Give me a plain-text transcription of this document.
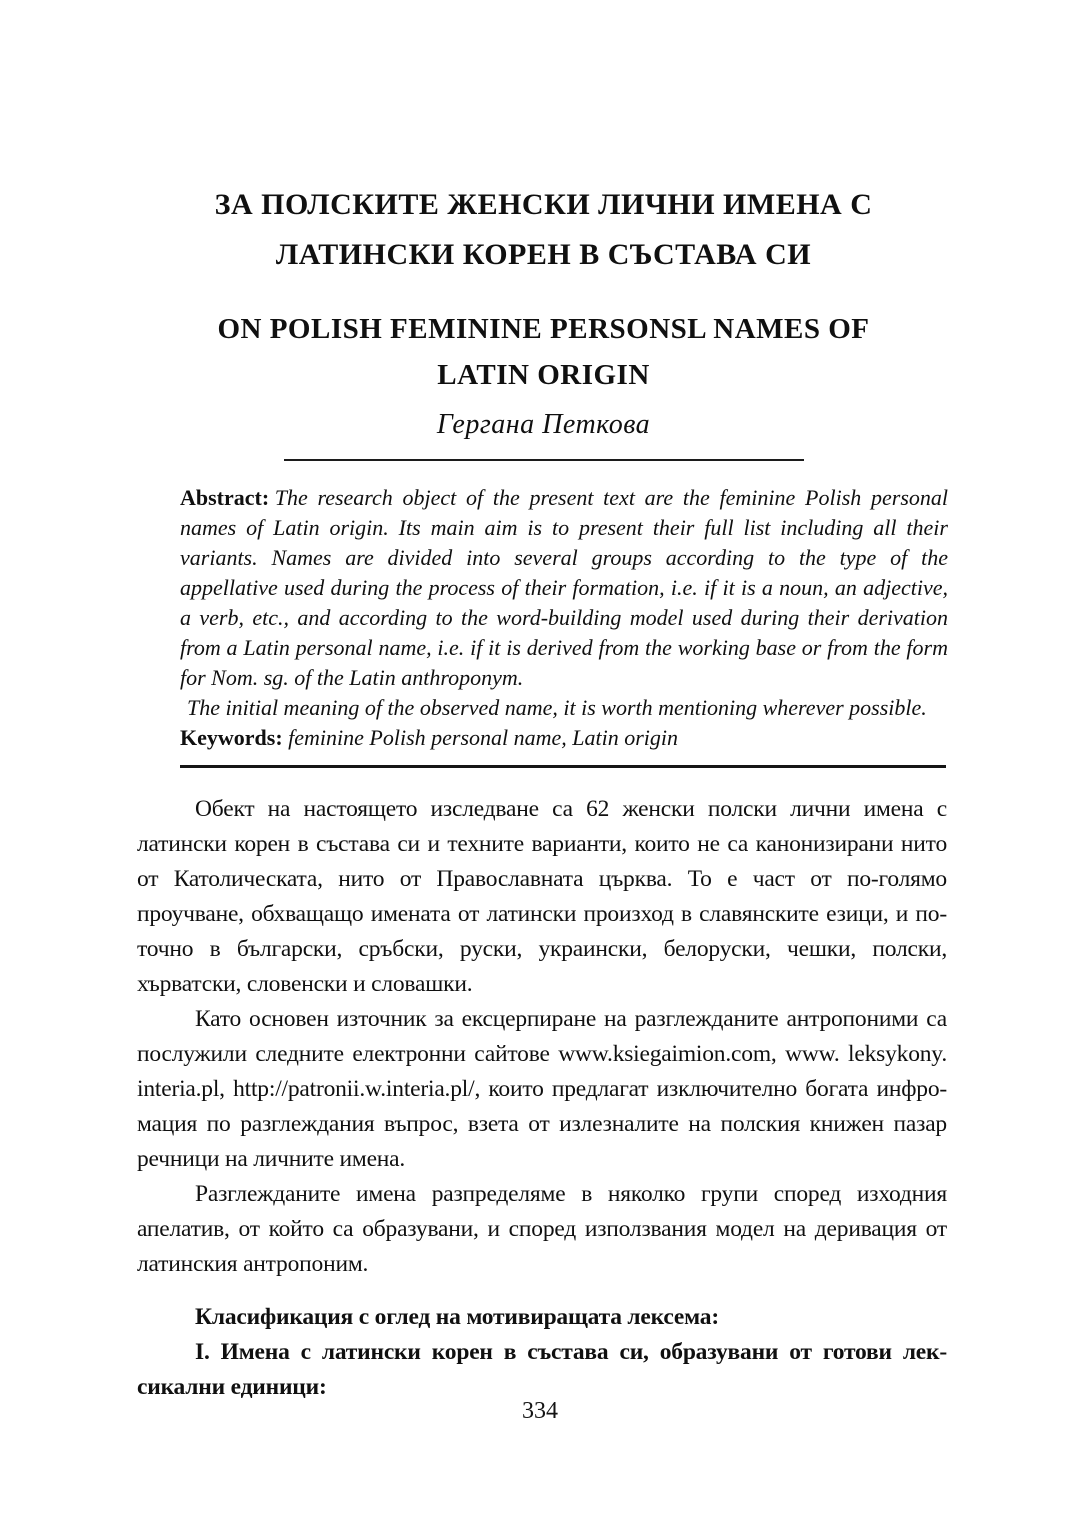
ЗА ПОЛСКИТЕ ЖЕНСКИ ЛИЧНИ ИМЕНА С
ЛАТИНСКИ КОРЕН В СЪСТАВА СИ
ON POLISH FEMININE PERSONSL NAMES OF
LATIN ORIGIN
Гергана Петкова
Abstract: The research object of the present text are the feminine Polish personal names of Latin origin. Its main aim is to present their full list including all their variants. Names are divided into several groups according to the type of the appellative used during the process of their formation, i.e. if it is a noun, an adjective, a verb, etc., and according to the word-building model used during their derivation from a Latin personal name, i.e. if it is derived from the working base or from the form for Nom. sg. of the Latin anthroponym.
The initial meaning of the observed name, it is worth mentioning wherever possible.
Keywords: feminine Polish personal name, Latin origin

Обект на настоящето изследване са 62 женски полски лични имена с латински корен в състава си и техните варианти, които не са канонизирани нито от Католическата, нито от Православната църква. То е част от по-голямо проучване, обхващащо имената от латински произход в славянските езици, и по-точно в български, сръбски, руски, украински, белоруски, чешки, полски, хърватски, словенски и словашки.

Като основен източник за ексцерпиране на разглежданите антропоними са послужили следните електронни сайтове www.ksiegaimion.com, www. leksykony. interia.pl, http://patronii.w.interia.pl/, които предлагат изключително богата инфро-мация по разглеждания въпрос, взета от излезналите на полския книжен пазар речници на личните имена.

Разглежданите имена разпределяме в няколко групи според изходния апелатив, от който са образувани, и според използвания модел на деривация от латинския антропоним.

Класификация с оглед на мотивиращата лексема:

I. Имена с латински корен в състава си, образувани от готови лек-сикални единици:

334
